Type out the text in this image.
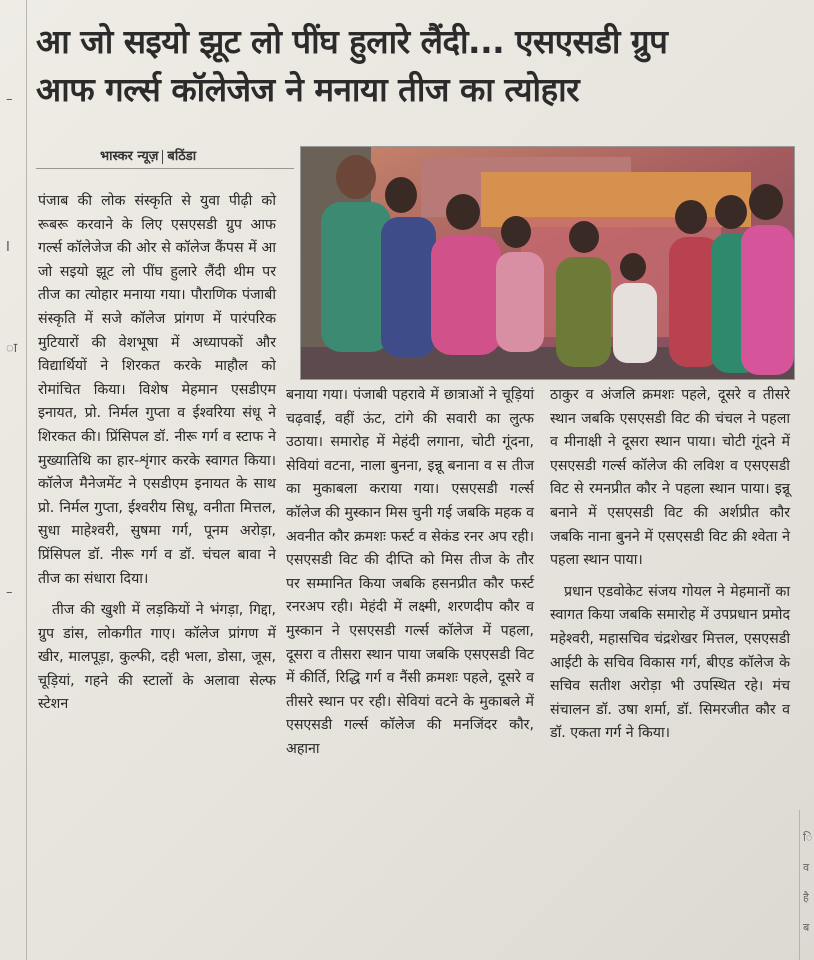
–
I
ा
–
ि
व
है
ब
आ जो सइयो झूट लो पींघ हुलारे लैंदी... एसएसडी ग्रुप
आफ गर्ल्स कॉलेजेज ने मनाया तीज का त्योहार
भास्कर न्यूज़ बठिंडा

पंजाब की लोक संस्कृति से युवा पीढ़ी को रूबरू करवाने के लिए एसएसडी ग्रुप आफ गर्ल्स कॉलेजेज की ओर से कॉलेज कैंपस में आ जो सइयो झूट लो पींघ हुलारे लैंदी थीम पर तीज का त्योहार मनाया गया। पौराणिक पंजाबी संस्कृति में सजे कॉलेज प्रांगण में पारंपरिक मुटियारों की वेशभूषा में अध्यापकों और विद्यार्थियों ने शिरकत करके माहौल को रोमांचित किया। विशेष मेहमान एसडीएम इनायत, प्रो. निर्मल गुप्ता व ईश्वरिया संधू ने शिरकत की। प्रिंसिपल डॉ. नीरू गर्ग व स्टाफ ने मुख्यातिथि का हार-शृंगार करके स्वागत किया। कॉलेज मैनेजमेंट ने एसडीएम इनायत के साथ प्रो. निर्मल गुप्ता, ईश्वरीय सिधू, वनीता मित्तल, सुधा माहेश्वरी, सुषमा गर्ग, पूनम अरोड़ा, प्रिंसिपल डॉ. नीरू गर्ग व डॉ. चंचल बावा ने तीज का संधारा दिया।

तीज की खुशी में लड़कियों ने भंगड़ा, गिद्दा, ग्रुप डांस, लोकगीत गाए। कॉलेज प्रांगण में खीर, मालपूड़ा, कुल्फी, दही भला, डोसा, जूस, चूड़ियां, गहने की स्टालों के अलावा सेल्फ स्टेशन

बनाया गया। पंजाबी पहरावे में छात्राओं ने चूड़ियां चढ़वाईं, वहीं ऊंट, टांगे की सवारी का लुत्फ उठाया। समारोह में मेहंदी लगाना, चोटी गूंदना, सेवियां वटना, नाला बुनना, इन्नू बनाना व स तीज का मुकाबला कराया गया। एसएसडी गर्ल्स कॉलेज की मुस्कान मिस चुनी गई जबकि महक व अवनीत कौर क्रमशः फर्स्ट व सेकंड रनर अप रही। एसएसडी विट की दीप्ति को मिस तीज के तौर पर सम्मानित किया जबकि हसनप्रीत कौर फर्स्ट रनरअप रही। मेहंदी में लक्ष्मी, शरणदीप कौर व मुस्कान ने एसएसडी गर्ल्स कॉलेज में पहला, दूसरा व तीसरा स्थान पाया जबकि एसएसडी विट में कीर्ति, रिद्धि गर्ग व नैंसी क्रमशः पहले, दूसरे व तीसरे स्थान पर रही। सेवियां वटने के मुकाबले में एसएसडी गर्ल्स कॉलेज की मनजिंदर कौर, अहाना

ठाकुर व अंजलि क्रमशः पहले, दूसरे व तीसरे स्थान जबकि एसएसडी विट की चंचल ने पहला व मीनाक्षी ने दूसरा स्थान पाया। चोटी गूंदने में एसएसडी गर्ल्स कॉलेज की लविश व एसएसडी विट से रमनप्रीत कौर ने पहला स्थान पाया। इन्नू बनाने में एसएसडी विट की अर्शप्रीत कौर जबकि नाना बुनने में एसएसडी विट क्री श्वेता ने पहला स्थान पाया।

प्रधान एडवोकेट संजय गोयल ने मेहमानों का स्वागत किया जबकि समारोह में उपप्रधान प्रमोद महेश्वरी, महासचिव चंद्रशेखर मित्तल, एसएसडी आईटी के सचिव विकास गर्ग, बीएड कॉलेज के सचिव सतीश अरोड़ा भी उपस्थित रहे। मंच संचालन डॉ. उषा शर्मा, डॉ. सिमरजीत कौर व डॉ. एकता गर्ग ने किया।
